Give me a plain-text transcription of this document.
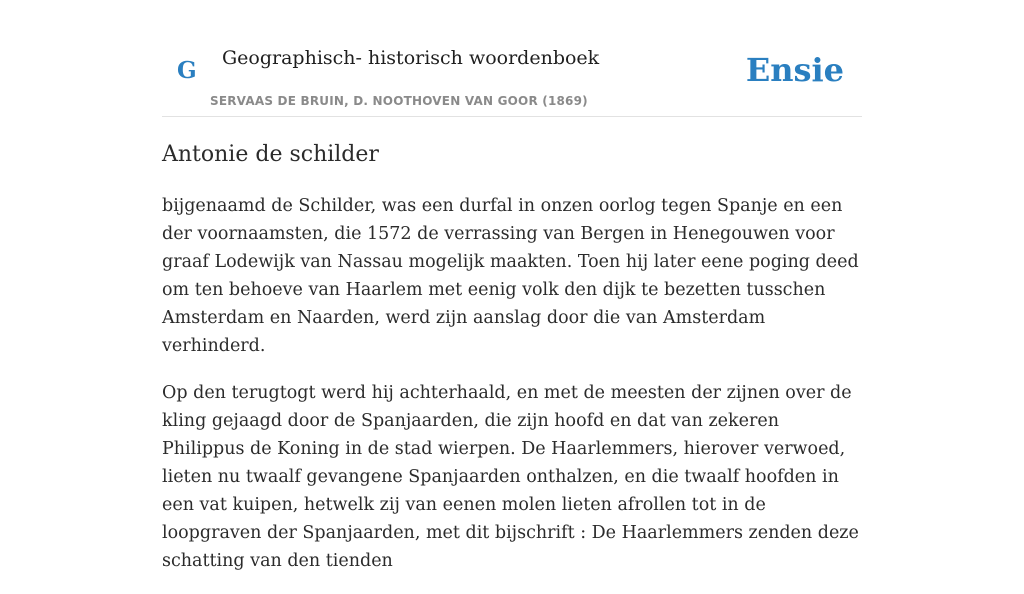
G Geographisch- historisch woordenboek
SERVAAS DE BRUIN, D. NOOTHOVEN VAN GOOR (1869)
Ensie
Antonie de schilder

bijgenaamd de Schilder, was een durfal in onzen oorlog tegen Spanje en een der voornaamsten, die 1572 de verrassing van Bergen in Henegouwen voor graaf Lodewijk van Nassau mogelijk maakten. Toen hij later eene poging deed om ten behoeve van Haarlem met eenig volk den dijk te bezetten tusschen Amsterdam en Naarden, werd zijn aanslag door die van Amsterdam verhinderd.

Op den terugtogt werd hij achterhaald, en met de meesten der zijnen over de kling gejaagd door de Spanjaarden, die zijn hoofd en dat van zekeren Philippus de Koning in de stad wierpen. De Haarlemmers, hierover verwoed, lieten nu twaalf gevangene Spanjaarden onthalzen, en die twaalf hoofden in een vat kuipen, hetwelk zij van eenen molen lieten afrollen tot in de loopgraven der Spanjaarden, met dit bijschrift : De Haarlemmers zenden deze schatting van den tienden
